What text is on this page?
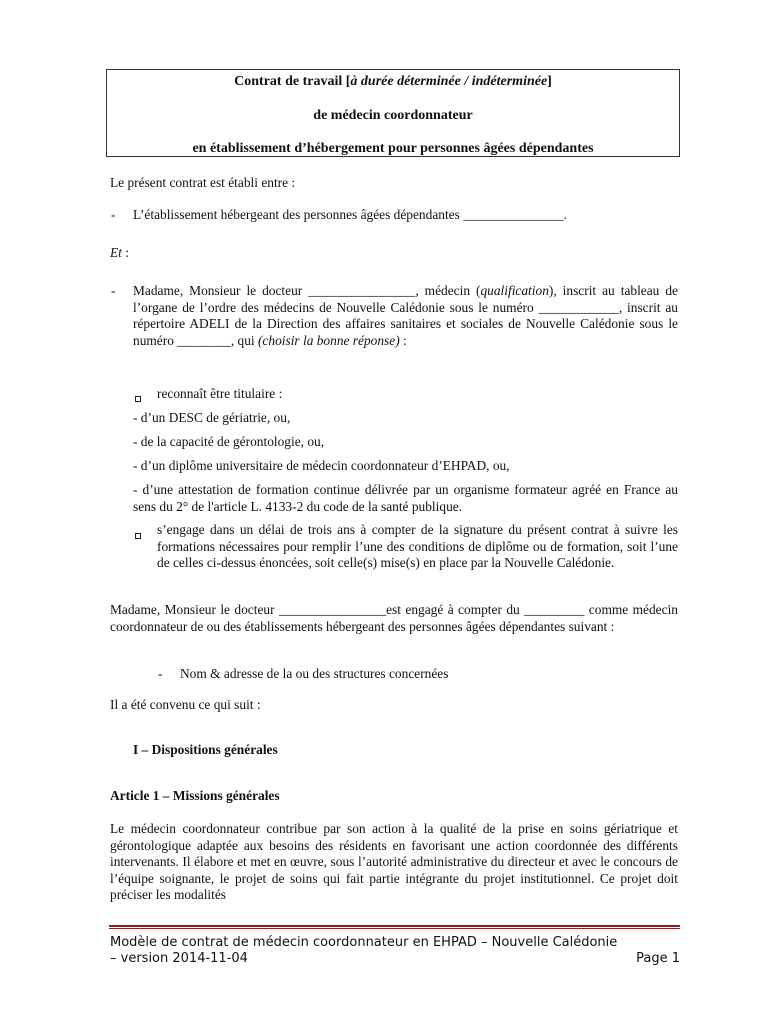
Contrat de travail [à durée déterminée / indéterminée]
de médecin coordonnateur
en établissement d’hébergement pour personnes âgées dépendantes
Le présent contrat est établi entre :
- L’établissement hébergeant des personnes âgées dépendantes _______________.
Et :
- Madame, Monsieur le docteur ________________, médecin (qualification), inscrit au tableau de l’organe de l’ordre des médecins de Nouvelle Calédonie sous le numéro ____________, inscrit au répertoire ADELI de la Direction des affaires sanitaires et sociales de Nouvelle Calédonie sous le numéro ________, qui (choisir la bonne réponse) :
reconnaît être titulaire :
- d’un DESC de gériatrie, ou,
- de la capacité de gérontologie, ou,
- d’un diplôme universitaire de médecin coordonnateur d’EHPAD, ou,
- d’une attestation de formation continue délivrée par un organisme formateur agréé en France au sens du 2° de l'article L. 4133-2 du code de la santé publique.
s’engage dans un délai de trois ans à compter de la signature du présent contrat à suivre les formations nécessaires pour remplir l’une des conditions de diplôme ou de formation, soit l’une de celles ci-dessus énoncées, soit celle(s) mise(s) en place par la Nouvelle Calédonie.
Madame, Monsieur le docteur ________________est engagé à compter du _________ comme médecin coordonnateur de ou des établissements hébergeant des personnes âgées dépendantes suivant :
- Nom & adresse de la ou des structures concernées
Il a été convenu ce qui suit :
I – Dispositions générales
Article 1 – Missions générales
Le médecin coordonnateur contribue par son action à la qualité de la prise en soins gériatrique et gérontologique adaptée aux besoins des résidents en favorisant une action coordonnée des différents intervenants. Il élabore et met en œuvre, sous l’autorité administrative du directeur et avec le concours de l’équipe soignante, le projet de soins qui fait partie intégrante du projet institutionnel. Ce projet doit préciser les modalités
Modèle de contrat de médecin coordonnateur en EHPAD – Nouvelle Calédonie
– version 2014-11-04	Page 1
